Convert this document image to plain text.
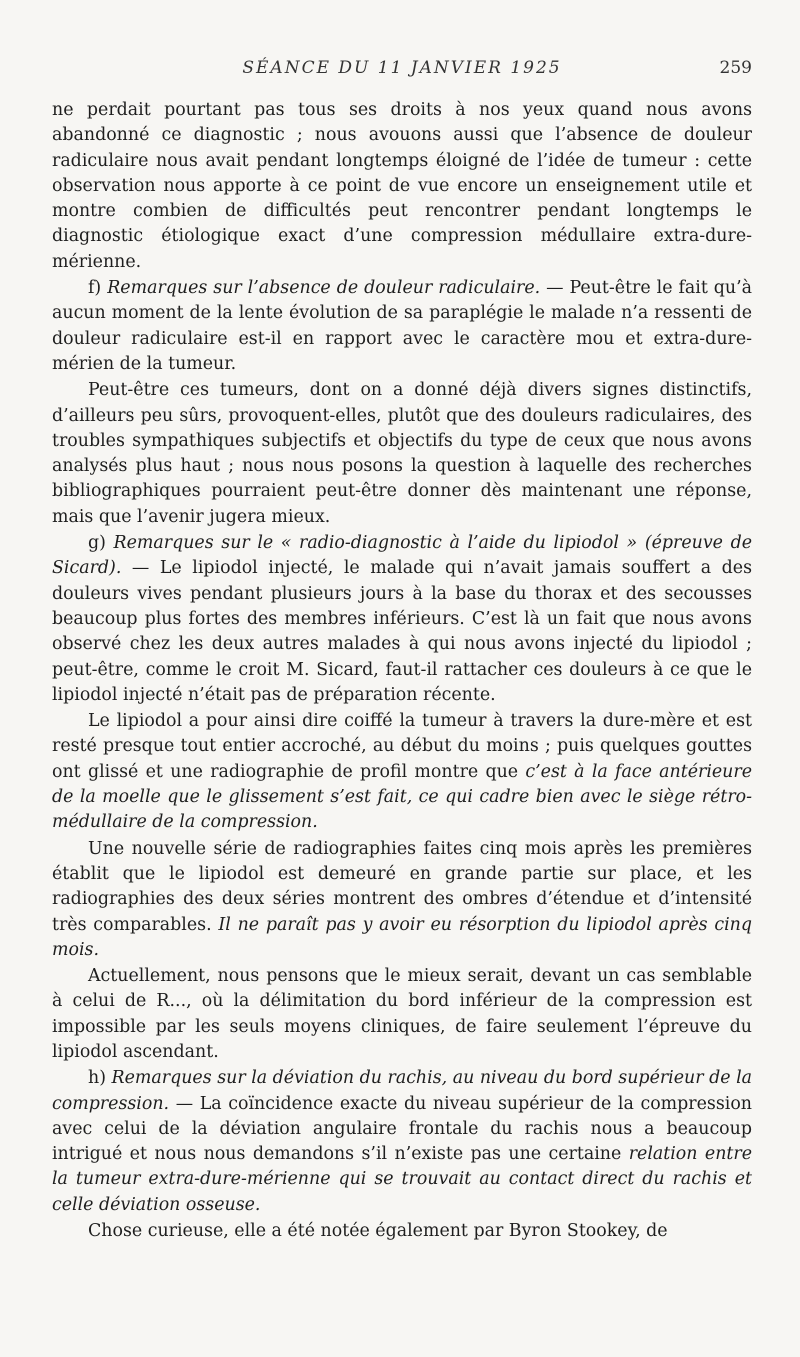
SÉANCE DU 11 JANVIER 1925	259

ne perdait pourtant pas tous ses droits à nos yeux quand nous avons abandonné ce diagnostic ; nous avouons aussi que l’absence de douleur radiculaire nous avait pendant longtemps éloigné de l’idée de tumeur : cette observation nous apporte à ce point de vue encore un enseignement utile et montre combien de difficultés peut rencontrer pendant longtemps le diagnostic étiologique exact d’une compression médullaire extra-dure-mérienne.

f) Remarques sur l’absence de douleur radiculaire. — Peut-être le fait qu’à aucun moment de la lente évolution de sa paraplégie le malade n’a ressenti de douleur radiculaire est-il en rapport avec le caractère mou et extra-dure-mérien de la tumeur.

Peut-être ces tumeurs, dont on a donné déjà divers signes distinctifs, d’ailleurs peu sûrs, provoquent-elles, plutôt que des douleurs radiculaires, des troubles sympathiques subjectifs et objectifs du type de ceux que nous avons analysés plus haut ; nous nous posons la question à laquelle des recherches bibliographiques pourraient peut-être donner dès maintenant une réponse, mais que l’avenir jugera mieux.

g) Remarques sur le « radio-diagnostic à l’aide du lipiodol » (épreuve de Sicard). — Le lipiodol injecté, le malade qui n’avait jamais souffert a des douleurs vives pendant plusieurs jours à la base du thorax et des secousses beaucoup plus fortes des membres inférieurs. C’est là un fait que nous avons observé chez les deux autres malades à qui nous avons injecté du lipiodol ; peut-être, comme le croit M. Sicard, faut-il rattacher ces douleurs à ce que le lipiodol injecté n’était pas de préparation récente.

Le lipiodol a pour ainsi dire coiffé la tumeur à travers la dure-mère et est resté presque tout entier accroché, au début du moins ; puis quelques gouttes ont glissé et une radiographie de profil montre que c’est à la face antérieure de la moelle que le glissement s’est fait, ce qui cadre bien avec le siège rétro-médullaire de la compression.

Une nouvelle série de radiographies faites cinq mois après les premières établit que le lipiodol est demeuré en grande partie sur place, et les radiographies des deux séries montrent des ombres d’étendue et d’intensité très comparables. Il ne paraît pas y avoir eu résorption du lipiodol après cinq mois.

Actuellement, nous pensons que le mieux serait, devant un cas semblable à celui de R..., où la délimitation du bord inférieur de la compression est impossible par les seuls moyens cliniques, de faire seulement l’épreuve du lipiodol ascendant.

h) Remarques sur la déviation du rachis, au niveau du bord supérieur de la compression. — La coïncidence exacte du niveau supérieur de la compression avec celui de la déviation angulaire frontale du rachis nous a beaucoup intrigué et nous nous demandons s’il n’existe pas une certaine relation entre la tumeur extra-dure-mérienne qui se trouvait au contact direct du rachis et celle déviation osseuse.

Chose curieuse, elle a été notée également par Byron Stookey, de
